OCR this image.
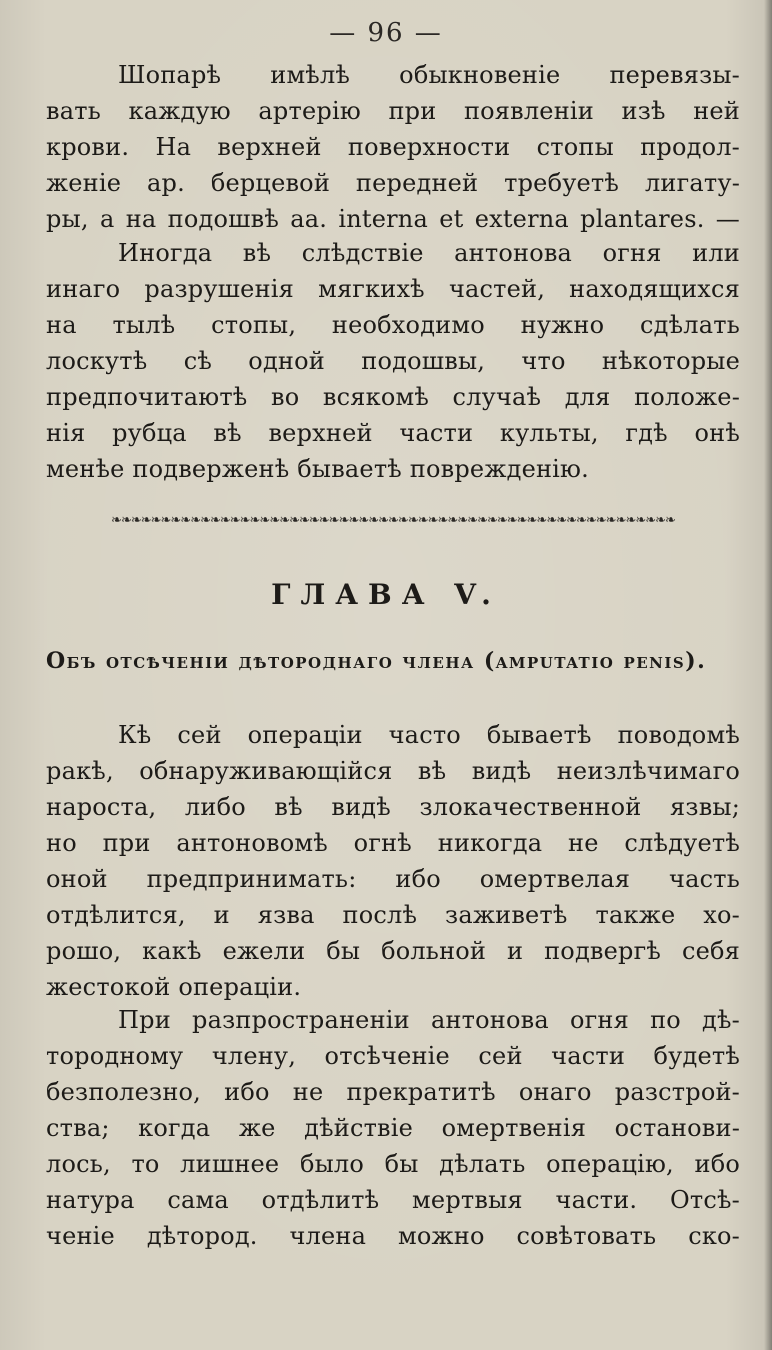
— 96 —
Шопарѣ имѣлѣ обыкновеніе перевязы-
вать каждую артерію при появленіи изѣ ней
крови. На верхней поверхности стопы продол-
женіе ар. берцевой передней требуетѣ лигату-
ры, а на подошвѣ aa. interna et externa plantares. —
Иногда вѣ слѣдствіе антонова огня или
инаго разрушенія мягкихѣ частей, находящихся
на тылѣ стопы, необходимо нужно сдѣлать
лоскутѣ сѣ одной подошвы, что нѣкоторые
предпочитаютѣ во всякомѣ случаѣ для положе-
нія рубца вѣ верхней части культы, гдѣ онѣ
менѣе подверженѣ бываетѣ поврежденію.
❧❧❧❧❧❧❧❧❧❧❧❧❧❧❧❧❧❧❧❧❧❧❧❧❧❧❧❧❧❧❧❧❧❧❧❧❧❧❧❧❧❧❧❧❧❧❧❧❧❧❧❧❧❧❧❧❧
ГЛАВА V.
Объ отсѣченіи дѣтороднаго члена (amputatio penis).
Кѣ сей операціи часто бываетѣ поводомѣ
ракѣ, обнаруживающійся вѣ видѣ неизлѣчимаго
нароста, либо вѣ видѣ злокачественной язвы;
но при антоновомѣ огнѣ никогда не слѣдуетѣ
оной предпринимать: ибо омертвелая часть
отдѣлится, и язва послѣ заживетѣ также хо-
рошо, какѣ ежели бы больной и подвергѣ себя
жестокой операціи.
При разпространеніи антонова огня по дѣ-
тородному члену, отсѣченіе сей части будетѣ
безполезно, ибо не прекратитѣ онаго разстрой-
ства; когда же дѣйствіе омертвенія останови-
лось, то лишнее было бы дѣлать операцію, ибо
натура сама отдѣлитѣ мертвыя части. Отсѣ-
ченіе дѣтород. члена можно совѣтовать ско-
